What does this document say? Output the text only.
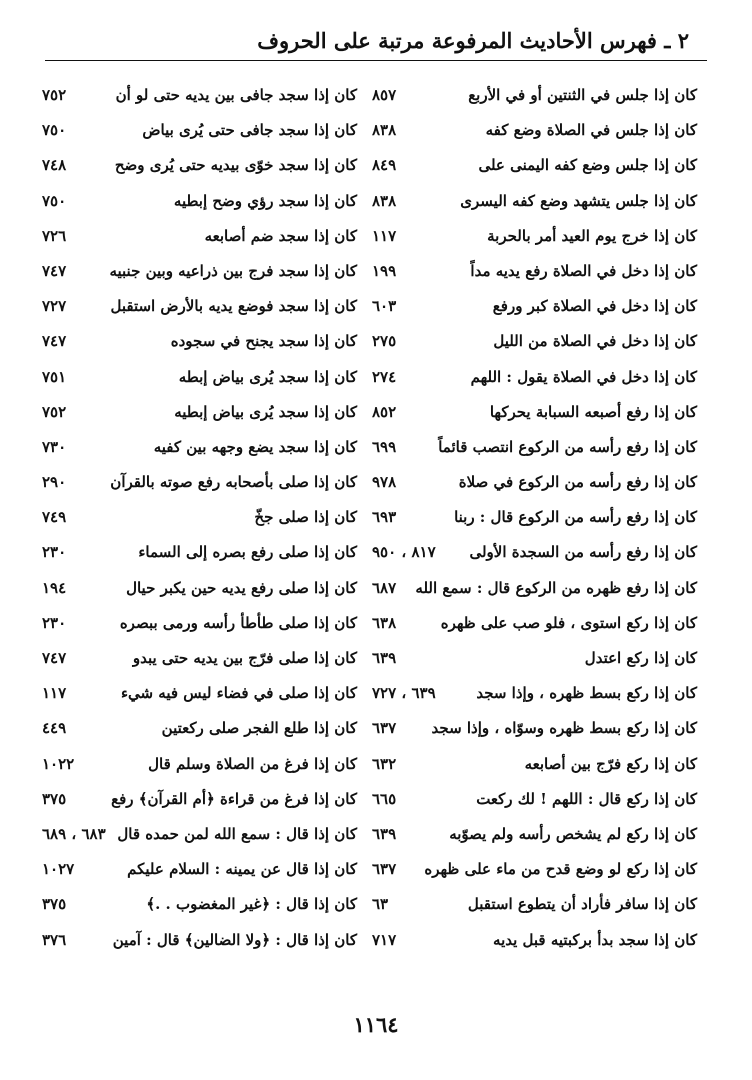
٢ ـ فهرس الأحاديث المرفوعة مرتبة على الحروف
كان إذا جلس في الثنتين أو في الأربع
٨٥٧
كان إذا جلس في الصلاة وضع كفه
٨٣٨
كان إذا جلس وضع كفه اليمنى على
٨٤٩
كان إذا جلس يتشهد وضع كفه اليسرى
٨٣٨
كان إذا خرج يوم العيد أمر بالحربة
١١٧
كان إذا دخل في الصلاة رفع يديه مداً
١٩٩
كان إذا دخل في الصلاة كبر ورفع
٦٠٣
كان إذا دخل في الصلاة من الليل
٢٧٥
كان إذا دخل في الصلاة يقول : اللهم
٢٧٤
كان إذا رفع أصبعه السبابة يحركها
٨٥٢
كان إذا رفع رأسه من الركوع انتصب قائماً
٦٩٩
كان إذا رفع رأسه من الركوع في صلاة
٩٧٨
كان إذا رفع رأسه من الركوع قال : ربنا
٦٩٣
كان إذا رفع رأسه من السجدة الأولى
٨١٧ ، ٩٥٠
كان إذا رفع ظهره من الركوع قال : سمع الله
٦٨٧
كان إذا ركع استوى ، فلو صب على ظهره
٦٣٨
كان إذا ركع اعتدل
٦٣٩
كان إذا ركع بسط ظهره ، وإذا سجد
٦٣٩ ، ٧٢٧
كان إذا ركع بسط ظهره وسوّاه ، وإذا سجد
٦٣٧
كان إذا ركع فرّج بين أصابعه
٦٣٢
كان إذا ركع قال : اللهم ! لك ركعت
٦٦٥
كان إذا ركع لم يشخص رأسه ولم يصوّبه
٦٣٩
كان إذا ركع لو وضع قدح من ماء على ظهره
٦٣٧
كان إذا سافر فأراد أن يتطوع استقبل
٦٣
كان إذا سجد بدأ بركبتيه قبل يديه
٧١٧
كان إذا سجد جافى بين يديه حتى لو أن
٧٥٢
كان إذا سجد جافى حتى يُرى بياض
٧٥٠
كان إذا سجد خوّى بيديه حتى يُرى وضح
٧٤٨
كان إذا سجد رؤي وضح إبطيه
٧٥٠
كان إذا سجد ضم أصابعه
٧٢٦
كان إذا سجد فرج بين ذراعيه وبين جنبيه
٧٤٧
كان إذا سجد فوضع يديه بالأرض استقبل
٧٢٧
كان إذا سجد يجنح في سجوده
٧٤٧
كان إذا سجد يُرى بياض إبطه
٧٥١
كان إذا سجد يُرى بياض إبطيه
٧٥٢
كان إذا سجد يضع وجهه بين كفيه
٧٣٠
كان إذا صلى بأصحابه رفع صوته بالقرآن
٢٩٠
كان إذا صلى جخّ
٧٤٩
كان إذا صلى رفع بصره إلى السماء
٢٣٠
كان إذا صلى رفع يديه حين يكبر حيال
١٩٤
كان إذا صلى طأطأ رأسه ورمى ببصره
٢٣٠
كان إذا صلى فرّج بين يديه حتى يبدو
٧٤٧
كان إذا صلى في فضاء ليس فيه شيء
١١٧
كان إذا طلع الفجر صلى ركعتين
٤٤٩
كان إذا فرغ من الصلاة وسلم قال
١٠٢٢
كان إذا فرغ من قراءة ﴿أم القرآن﴾ رفع
٣٧٥
كان إذا قال : سمع الله لمن حمده قال
٦٨٣ ، ٦٨٩
كان إذا قال عن يمينه : السلام عليكم
١٠٢٧
كان إذا قال : ﴿غير المغضوب . .﴾
٣٧٥
كان إذا قال : ﴿ولا الضالين﴾ قال : آمين
٣٧٦
١١٦٤
